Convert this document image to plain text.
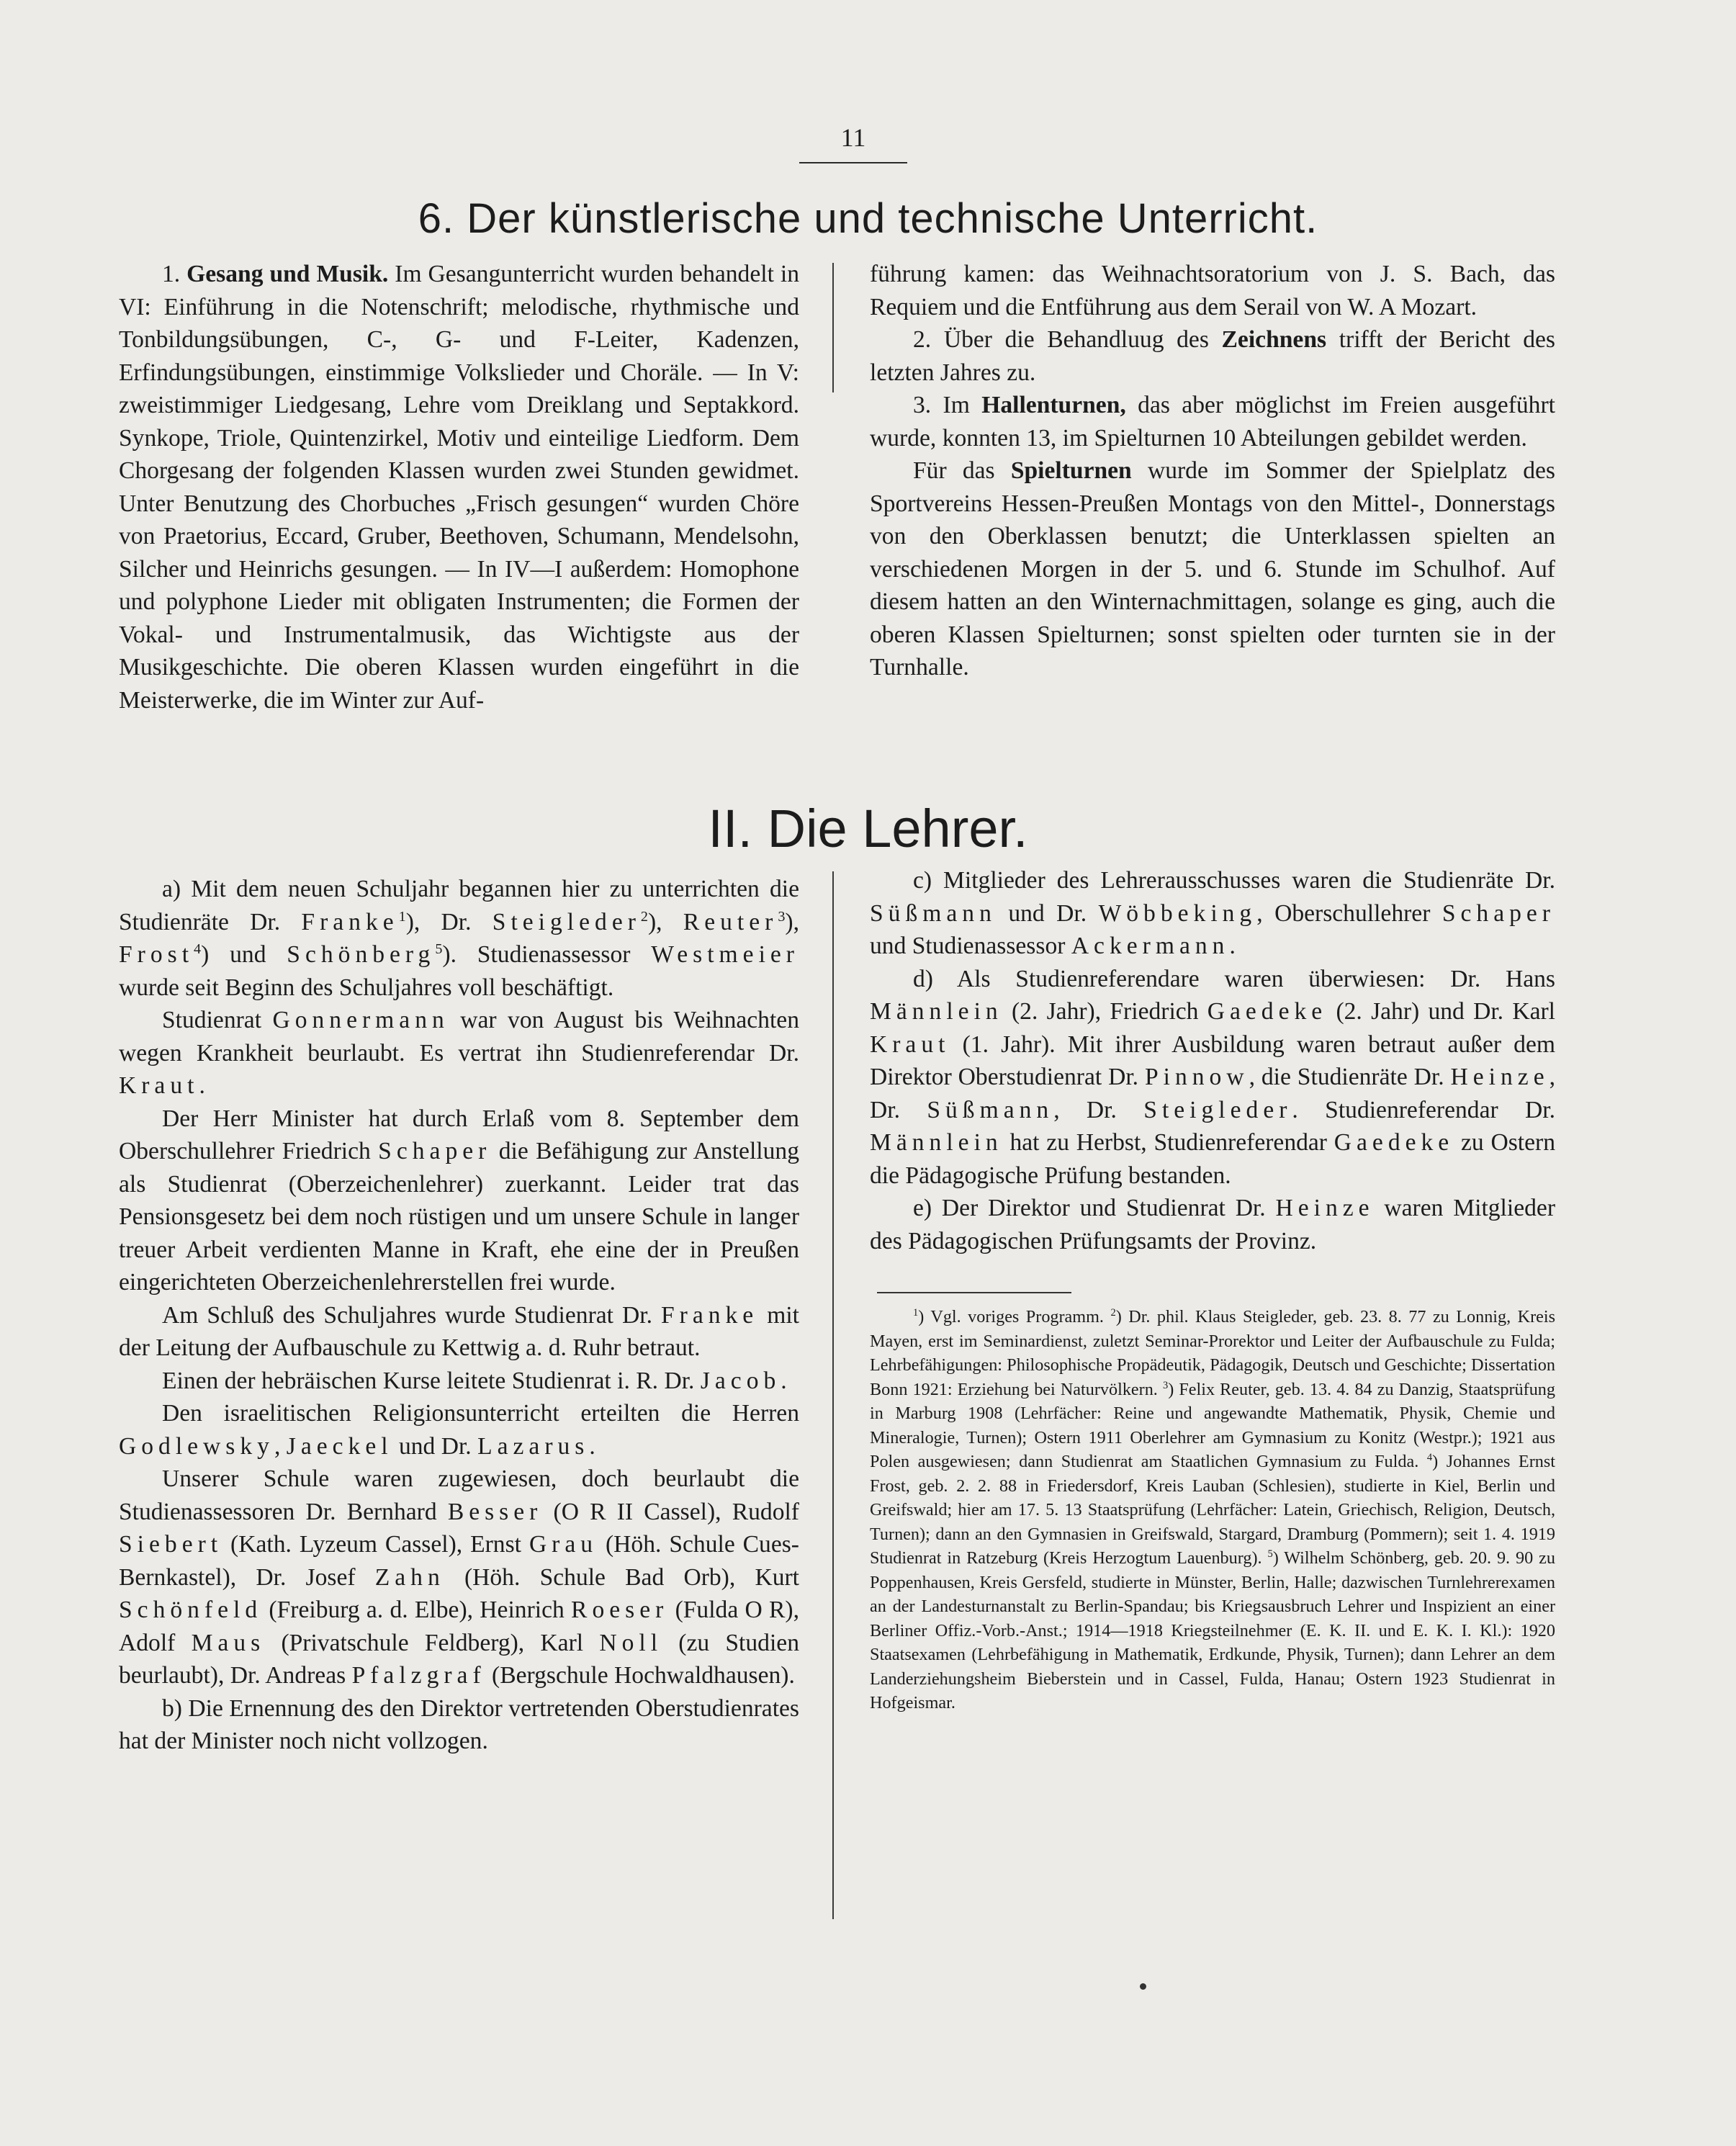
11
6. Der künstlerische und technische Unterricht.

1. Gesang und Musik. Im Gesangunterricht wurden behandelt in VI: Einführung in die Notenschrift; melodische, rhythmische und Tonbildungsübungen, C-, G- und F-Leiter, Kadenzen, Erfindungsübungen, einstimmige Volkslieder und Choräle. — In V: zweistimmiger Liedgesang, Lehre vom Dreiklang und Septakkord. Synkope, Triole, Quintenzirkel, Motiv und einteilige Liedform. Dem Chorgesang der folgenden Klassen wurden zwei Stunden gewidmet. Unter Benutzung des Chorbuches „Frisch gesungen“ wurden Chöre von Praetorius, Eccard, Gruber, Beethoven, Schumann, Mendelsohn, Silcher und Heinrichs gesungen. — In IV—I außerdem: Homophone und polyphone Lieder mit obligaten Instrumenten; die Formen der Vokal- und Instrumentalmusik, das Wichtigste aus der Musikgeschichte. Die oberen Klassen wurden eingeführt in die Meisterwerke, die im Winter zur Auf-

führung kamen: das Weihnachtsoratorium von J. S. Bach, das Requiem und die Entführung aus dem Serail von W. A Mozart.

2. Über die Behandluug des Zeichnens trifft der Bericht des letzten Jahres zu.

3. Im Hallenturnen, das aber möglichst im Freien ausgeführt wurde, konnten 13, im Spielturnen 10 Abteilungen gebildet werden.

Für das Spielturnen wurde im Sommer der Spielplatz des Sportvereins Hessen-Preußen Montags von den Mittel-, Donnerstags von den Oberklassen benutzt; die Unterklassen spielten an verschiedenen Morgen in der 5. und 6. Stunde im Schulhof. Auf diesem hatten an den Winternachmittagen, solange es ging, auch die oberen Klassen Spielturnen; sonst spielten oder turnten sie in der Turnhalle.

II. Die Lehrer.

a) Mit dem neuen Schuljahr begannen hier zu unterrichten die Studienräte Dr. Franke$^1$), Dr. Steigleder$^2$), Reuter$^3$), Frost$^4$) und Schönberg$^5$). Studienassessor Westmeier wurde seit Beginn des Schuljahres voll beschäftigt.

Studienrat Gonnermann war von August bis Weihnachten wegen Krankheit beurlaubt. Es vertrat ihn Studienreferendar Dr. Kraut.

Der Herr Minister hat durch Erlaß vom 8. September dem Oberschullehrer Friedrich Schaper die Befähigung zur Anstellung als Studienrat (Oberzeichenlehrer) zuerkannt. Leider trat das Pensionsgesetz bei dem noch rüstigen und um unsere Schule in langer treuer Arbeit verdienten Manne in Kraft, ehe eine der in Preußen eingerichteten Oberzeichenlehrerstellen frei wurde.

Am Schluß des Schuljahres wurde Studienrat Dr. Franke mit der Leitung der Aufbauschule zu Kettwig a. d. Ruhr betraut.

Einen der hebräischen Kurse leitete Studienrat i. R. Dr. Jacob.

Den israelitischen Religionsunterricht erteilten die Herren Godlewsky, Jaeckel und Dr. Lazarus.

Unserer Schule waren zugewiesen, doch beurlaubt die Studienassessoren Dr. Bernhard Besser (O R II Cassel), Rudolf Siebert (Kath. Lyzeum Cassel), Ernst Grau (Höh. Schule Cues-Bernkastel), Dr. Josef Zahn (Höh. Schule Bad Orb), Kurt Schönfeld (Freiburg a. d. Elbe), Heinrich Roeser (Fulda O R), Adolf Maus (Privatschule Feldberg), Karl Noll (zu Studien beurlaubt), Dr. Andreas Pfalzgraf (Bergschule Hochwaldhausen).

b) Die Ernennung des den Direktor vertretenden Oberstudienrates hat der Minister noch nicht vollzogen.

c) Mitglieder des Lehrerausschusses waren die Studienräte Dr. Süßmann und Dr. Wöbbeking, Oberschullehrer Schaper und Studienassessor Ackermann.

d) Als Studienreferendare waren überwiesen: Dr. Hans Männlein (2. Jahr), Friedrich Gaedeke (2. Jahr) und Dr. Karl Kraut (1. Jahr). Mit ihrer Ausbildung waren betraut außer dem Direktor Oberstudienrat Dr. Pinnow, die Studienräte Dr. Heinze, Dr. Süßmann, Dr. Steigleder. Studienreferendar Dr. Männlein hat zu Herbst, Studienreferendar Gaedeke zu Ostern die Pädagogische Prüfung bestanden.

e) Der Direktor und Studienrat Dr. Heinze waren Mitglieder des Pädagogischen Prüfungsamts der Provinz.

$^1$) Vgl. voriges Programm. $^2$) Dr. phil. Klaus Steigleder, geb. 23. 8. 77 zu Lonnig, Kreis Mayen, erst im Seminardienst, zuletzt Seminar-Prorektor und Leiter der Aufbauschule zu Fulda; Lehrbefähigungen: Philosophische Propädeutik, Pädagogik, Deutsch und Geschichte; Dissertation Bonn 1921: Erziehung bei Naturvölkern. $^3$) Felix Reuter, geb. 13. 4. 84 zu Danzig, Staatsprüfung in Marburg 1908 (Lehrfächer: Reine und angewandte Mathematik, Physik, Chemie und Mineralogie, Turnen); Ostern 1911 Oberlehrer am Gymnasium zu Konitz (Westpr.); 1921 aus Polen ausgewiesen; dann Studienrat am Staatlichen Gymnasium zu Fulda. $^4$) Johannes Ernst Frost, geb. 2. 2. 88 in Friedersdorf, Kreis Lauban (Schlesien), studierte in Kiel, Berlin und Greifswald; hier am 17. 5. 13 Staatsprüfung (Lehrfächer: Latein, Griechisch, Religion, Deutsch, Turnen); dann an den Gymnasien in Greifswald, Stargard, Dramburg (Pommern); seit 1. 4. 1919 Studienrat in Ratzeburg (Kreis Herzogtum Lauenburg). $^5$) Wilhelm Schönberg, geb. 20. 9. 90 zu Poppenhausen, Kreis Gersfeld, studierte in Münster, Berlin, Halle; dazwischen Turnlehrerexamen an der Landesturnanstalt zu Berlin-Spandau; bis Kriegsausbruch Lehrer und Inspizient an einer Berliner Offiz.-Vorb.-Anst.; 1914—1918 Kriegsteilnehmer (E. K. II. und E. K. I. Kl.): 1920 Staatsexamen (Lehrbefähigung in Mathematik, Erdkunde, Physik, Turnen); dann Lehrer an dem Landerziehungsheim Bieberstein und in Cassel, Fulda, Hanau; Ostern 1923 Studienrat in Hofgeismar.
